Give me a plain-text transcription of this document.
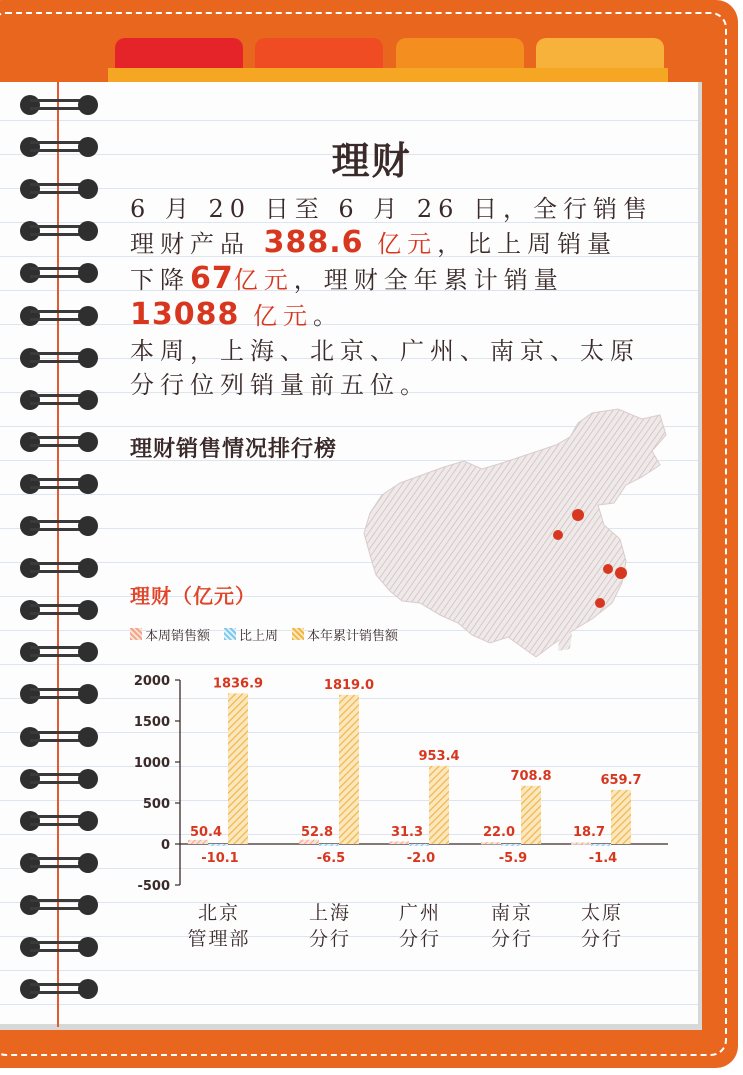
理财
6 月 20 日至 6 月 26 日，全行销售
理财产品 388.6 亿元，比上周销量
下降67亿元，理财全年累计销量
13088 亿元。
本周，上海、北京、广州、南京、太原
分行位列销量前五位。
理财销售情况排行榜
理财（亿元）
本周销售额 比上周 本年累计销售额
2000
1500
1000
500
0
-500
50.4	52.8	31.3	22.0	18.7
-10.1	-6.5	-2.0	-5.9	-1.4
1836.9	1819.0
953.4
708.8	659.7
北京
管理部
上海
分行
广州
分行
南京
分行
太原
分行
